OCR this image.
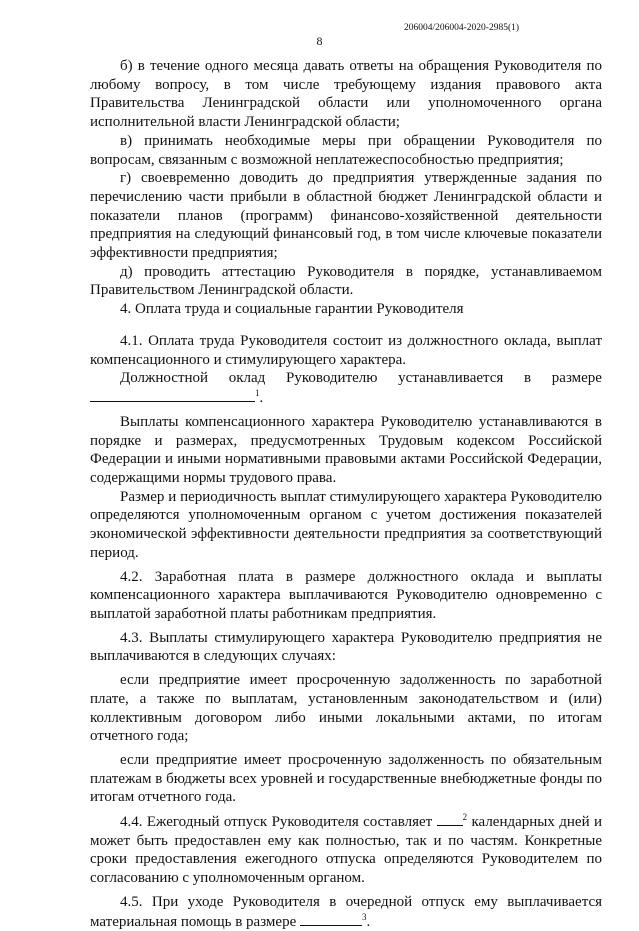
206004/206004-2020-2985(1)
8

б) в течение одного месяца давать ответы на обращения Руководителя по любому вопросу, в том числе требующему издания правового акта Правительства Ленинградской области или уполномоченного органа исполнительной власти Ленинградской области;

в) принимать необходимые меры при обращении Руководителя по вопросам, связанным с возможной неплатежеспособностью предприятия;

г) своевременно доводить до предприятия утвержденные задания по перечислению части прибыли в областной бюджет Ленинградской области и показатели планов (программ) финансово-хозяйственной деятельности предприятия на следующий финансовый год, в том числе ключевые показатели эффективности предприятия;

д) проводить аттестацию Руководителя в порядке, устанавливаемом Правительством Ленинградской области.

4. Оплата труда и социальные гарантии Руководителя

4.1. Оплата труда Руководителя состоит из должностного оклада, выплат компенсационного и стимулирующего характера.

Должностной оклад Руководителю устанавливается в размере
$^1$.

Выплаты компенсационного характера Руководителю устанавливаются в порядке и размерах, предусмотренных Трудовым кодексом Российской Федерации и иными нормативными правовыми актами Российской Федерации, содержащими нормы трудового права.

Размер и периодичность выплат стимулирующего характера Руководителю определяются уполномоченным органом с учетом достижения показателей экономической эффективности деятельности предприятия за соответствующий период.

4.2. Заработная плата в размере должностного оклада и выплаты компенсационного характера выплачиваются Руководителю одновременно с выплатой заработной платы работникам предприятия.

4.3. Выплаты стимулирующего характера Руководителю предприятия не выплачиваются в следующих случаях:

если предприятие имеет просроченную задолженность по заработной плате, а также по выплатам, установленным законодательством и (или) коллективным договором либо иными локальными актами, по итогам отчетного года;

если предприятие имеет просроченную задолженность по обязательным платежам в бюджеты всех уровней и государственные внебюджетные фонды по итогам отчетного года.

4.4. Ежегодный отпуск Руководителя составляет	$^2$ календарных дней и может быть предоставлен ему как полностью, так и по частям. Конкретные сроки предоставления ежегодного отпуска определяются Руководителем по согласованию с уполномоченным органом.

4.5. При уходе Руководителя в очередной отпуск ему выплачивается материальная помощь в размере	$^3$.
